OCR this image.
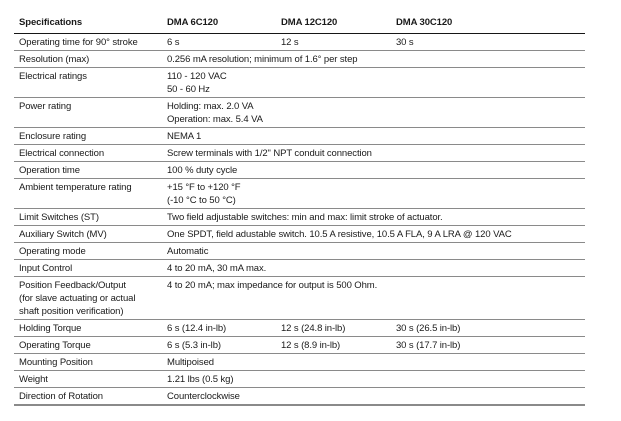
Specifications	DMA 6C120	DMA 12C120	DMA 30C120
Operating time for 90° stroke	6 s	12 s	30 s
Resolution (max)	0.256 mA resolution; minimum of 1.6° per step		
Electrical ratings	110 - 120 VAC
50 - 60 Hz		
Power rating	Holding: max. 2.0 VA
Operation: max. 5.4 VA		
Enclosure rating	NEMA 1		
Electrical connection	Screw terminals with 1/2" NPT conduit connection		
Operation time	100 % duty cycle		
Ambient temperature rating	+15 °F to +120 °F
(-10 °C to 50 °C)		
Limit Switches (ST)	Two field adjustable switches: min and max: limit stroke of actuator.		
Auxiliary Switch (MV)	One SPDT, field adustable switch. 10.5 A resistive, 10.5 A FLA, 9 A LRA @ 120 VAC		
Operating mode	Automatic		
Input Control	4 to 20 mA, 30 mA max.		
Position Feedback/Output
(for slave actuating or actual
shaft position verification)	4 to 20 mA; max impedance for output is 500 Ohm.		
Holding Torque	6 s (12.4 in-lb)	12 s (24.8 in-lb)	30 s (26.5 in-lb)
Operating Torque	6 s (5.3 in-lb)	12 s (8.9 in-lb)	30 s (17.7 in-lb)
Mounting Position	Multipoised		
Weight	1.21 lbs (0.5 kg)		
Direction of Rotation	Counterclockwise		
